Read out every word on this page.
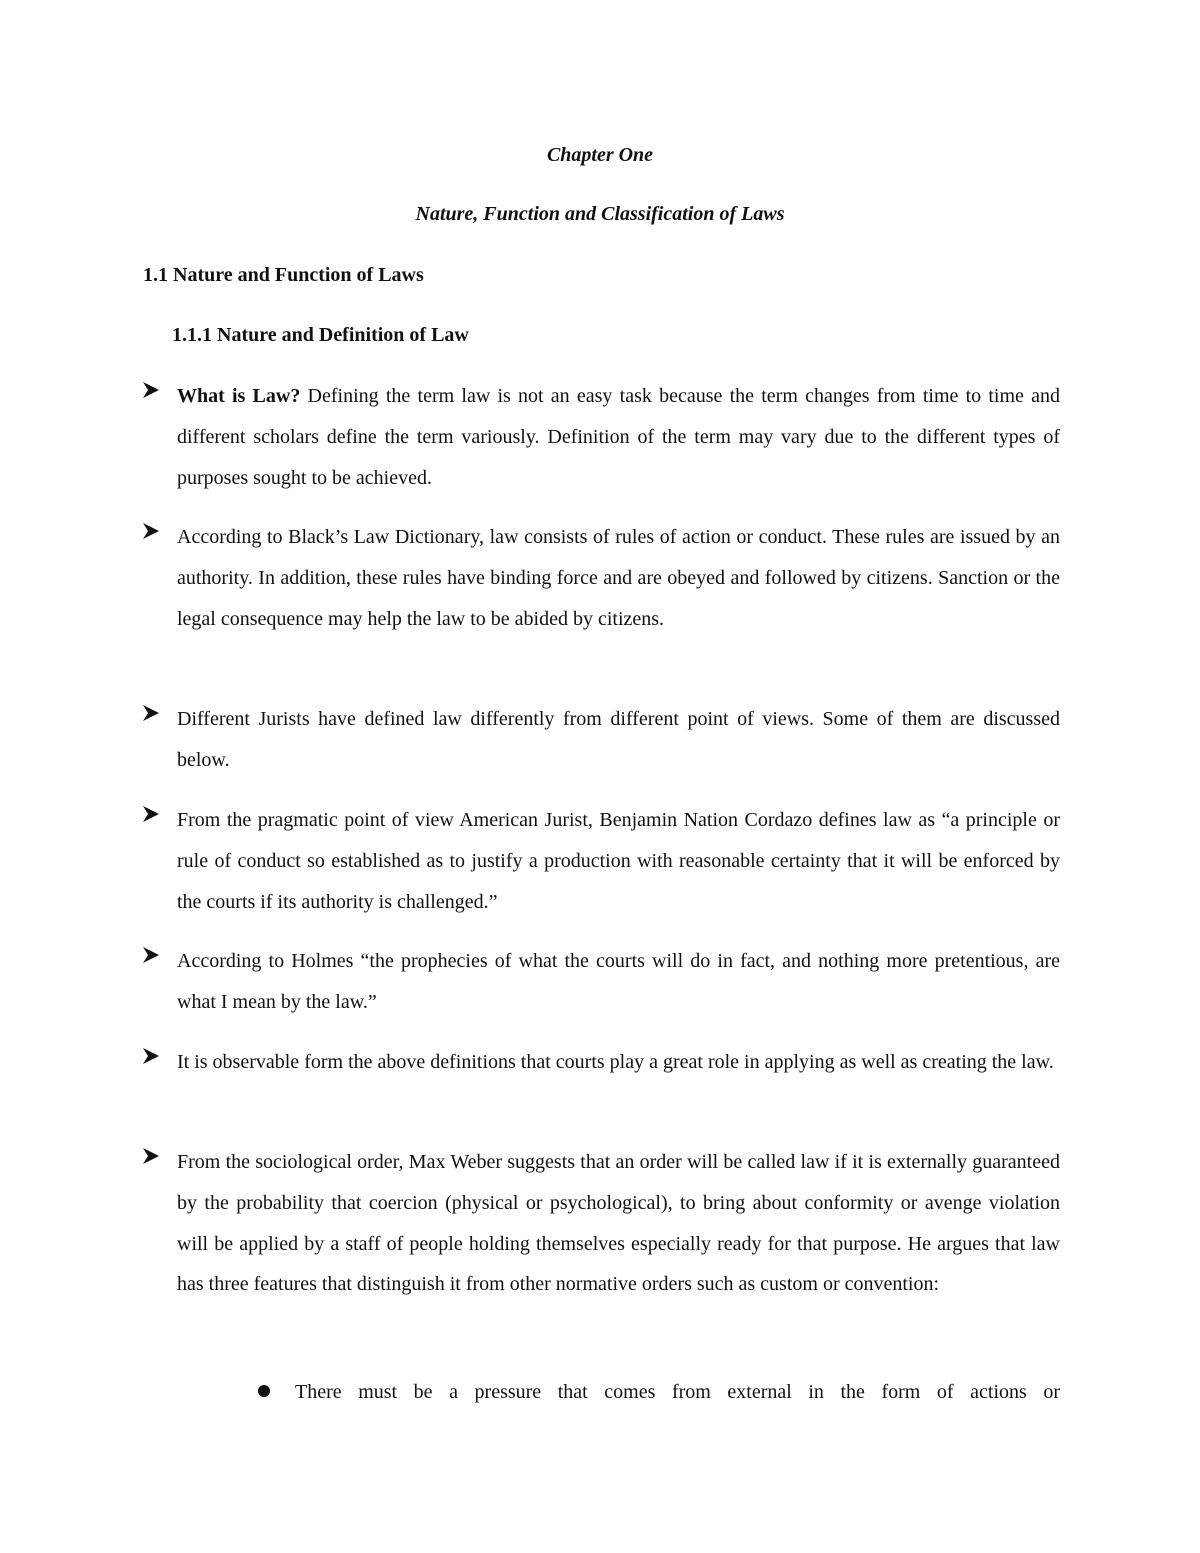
Chapter One
Nature, Function and Classification of Laws
1.1 Nature and Function of Laws
1.1.1 Nature and Definition of Law
What is Law? Defining the term law is not an easy task because the term changes from time to time and different scholars define the term variously. Definition of the term may vary due to the different types of purposes sought to be achieved.
According to Black’s Law Dictionary, law consists of rules of action or conduct. These rules are issued by an authority. In addition, these rules have binding force and are obeyed and followed by citizens. Sanction or the legal consequence may help the law to be abided by citizens.
Different Jurists have defined law differently from different point of views. Some of them are discussed below.
From the pragmatic point of view American Jurist, Benjamin Nation Cordazo defines law as “a principle or rule of conduct so established as to justify a production with reasonable certainty that it will be enforced by the courts if its authority is challenged.”
According to Holmes “the prophecies of what the courts will do in fact, and nothing more pretentious, are what I mean by the law.”
It is observable form the above definitions that courts play a great role in applying as well as creating the law.
From the sociological order, Max Weber suggests that an order will be called law if it is externally guaranteed by the probability that coercion (physical or psychological), to bring about conformity or avenge violation will be applied by a staff of people holding themselves especially ready for that purpose. He argues that law has three features that distinguish it from other normative orders such as custom or convention:
There must be a pressure that comes from external in the form of actions or
